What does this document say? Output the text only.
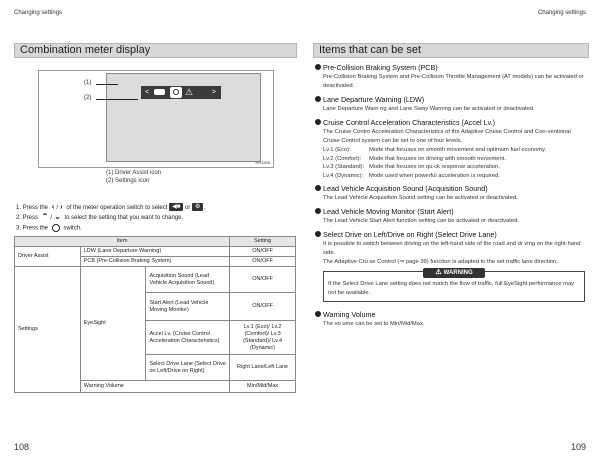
Changing settings	Changing settings
Combination meter display	Items that can be set
<	⚠	>
HS1905
(1)
(2)
(1) Driver Assist icon
(2) Settings icon
1. Press the ‹ / › of the meter operation switch to select ◀■ or ⚙ .
2. Press ⌃ / ⌄ to select the setting that you want to change.
3. Press the	switch.
Item			Setting
Driver Assist	LDW (Lane Departure Warning)		ON/OFF
	PCB (Pre-Collision Braking System)		ON/OFF
Settings	EyeSight	Acquisition Sound (Lead Vehicle Acquisition Sound)	ON/OFF
		Start Alert (Lead Vehicle Moving Monitor)	ON/OFF
		Accel Lv. (Cruise Control Acceleration Characteristics)	Lv.1 (Eco)/ Lv.2 (Comfort)/ Lv.3 (Standard)/ Lv.4 (Dynamic)
		Select Drive Lane (Select Drive on Left/Drive on Right)	Right Lane/Left Lane
	Warning Volume		Min/Mid/Max
Pre-Collision Braking System (PCB)
Pre-Collision Braking System and Pre-Collision Throttle Management (AT models) can be activated or deactivated.
Lane Departure Warning (LDW)
Lane Departure Warn ng and Lane Sway Warning can be activated or deactivated.
Cruise Control Acceleration Characteristics (Accel Lv.)
The Cruise Contro Acceleration Characteristics of the Adaptive Cruise Control and Con-ventional Cruise Control system can be set to one of four levels.
Lv.1 (Eco):	Mode that focuses on smooth movement and optimum fuel economy.
Lv.2 (Comfort):	Mode that focuses on driving with smooth movement.
Lv.3 (Standard): Mode that focuses on qu ck response acceleration.
Lv.4 (Dynamic):	Mode used when powerful acceleration is required.
Lead Vehicle Acquisition Sound (Acquisition Sound)
The Lead Vehicle Acquisition Sound setting can be activated or deactivated.
Lead Vehicle Moving Monitor (Start Alert)
The Lead Vehicle Start Alert function setting can be activated or deactivated.
Select Drive on Left/Drive on Right (Select Drive Lane)
It is possible to switch between driving on the left-hand side of the road and dr ving on the right-hand side.
The Adaptive Cru se Control (⇒ page 39) function is adapted to the set traffic lane direction.
⚠ WARNING
If the Select Drive Lane setting does not match the flow of traffic, full EyeSight performance may not be available.
Warning Volume
The vo ume can be set to Min/Mid/Max.
108	109
